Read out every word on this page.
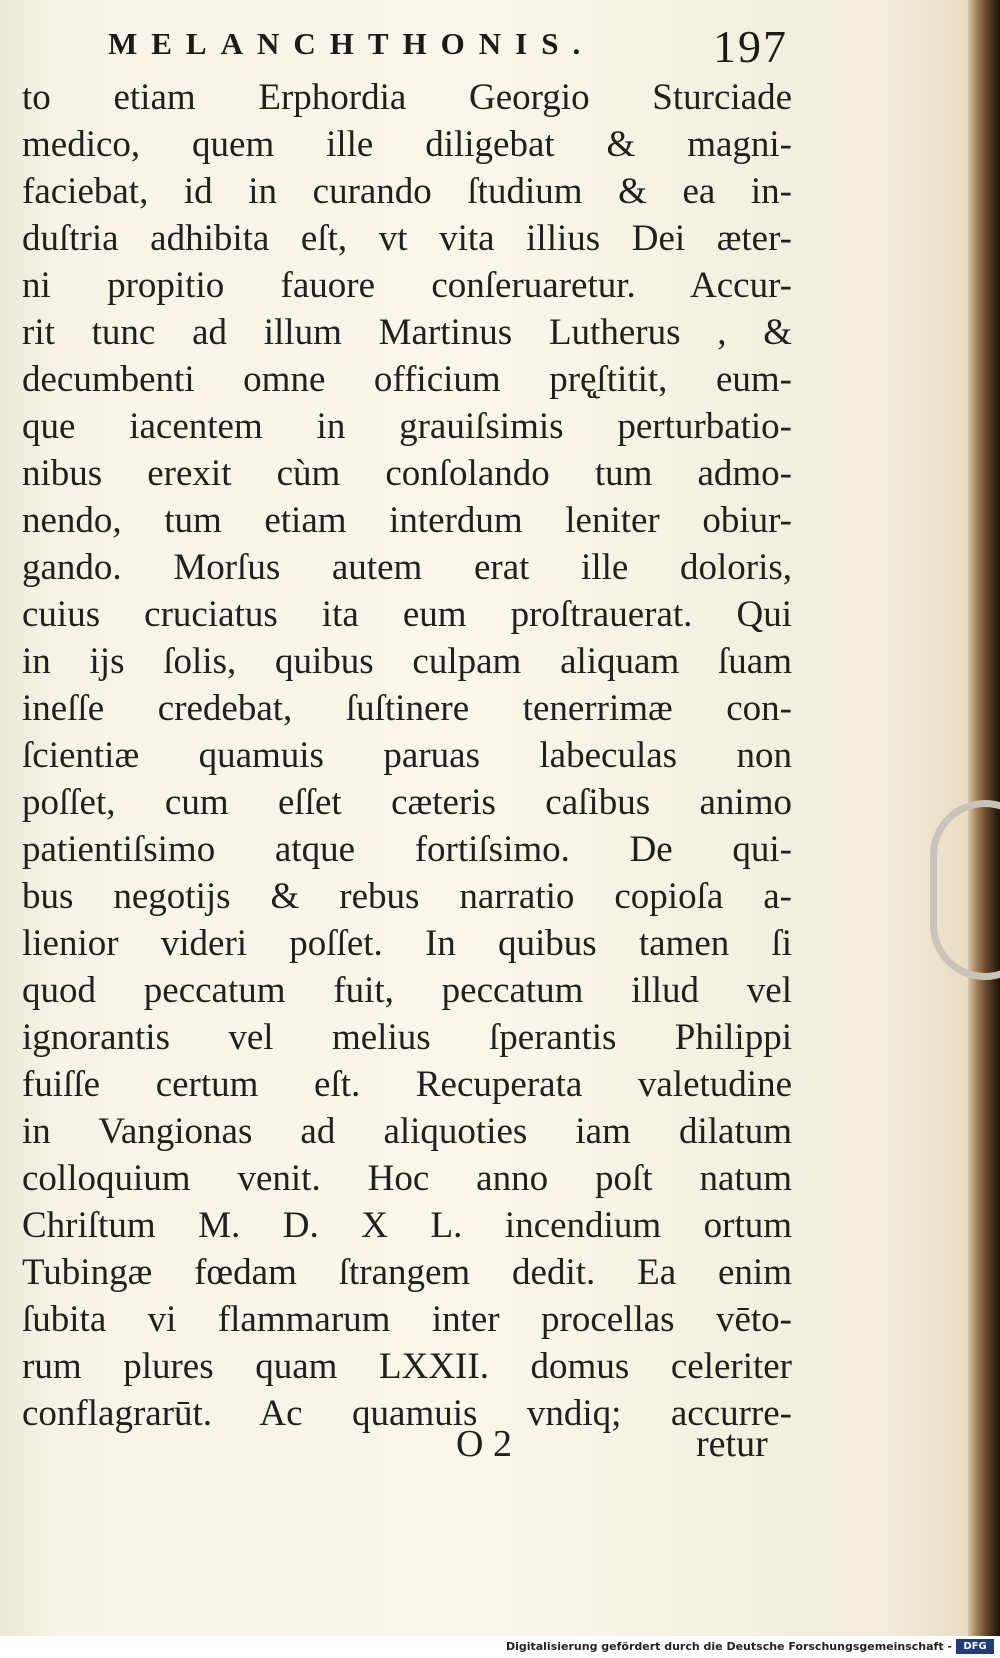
MELANCHTHONIS.	197
to etiam Erphordia Georgio Sturciade
medico, quem ille diligebat & magni-
faciebat, id in curando ſtudium & ea in-
duſtria adhibita eſt, vt vita illius Dei æter-
ni propitio fauore conſeruaretur. Accur-
rit tunc ad illum Martinus Lutherus , &
decumbenti omne officium prę̨ſtitit, eum-
que iacentem in grauiſsimis perturbatio-
nibus erexit cùm conſolando tum admo-
nendo, tum etiam interdum leniter obiur-
gando. Morſus autem erat ille doloris,
cuius cruciatus ita eum proſtrauerat. Qui
in ijs ſolis, quibus culpam aliquam ſuam
ineſſe credebat, ſuſtinere tenerrimæ con-
ſcientiæ quamuis paruas labeculas non
poſſet, cum eſſet cæteris caſibus animo
patientiſsimo atque fortiſsimo. De qui-
bus negotijs & rebus narratio copioſa a-
lienior videri poſſet. In quibus tamen ſi
quod peccatum fuit, peccatum illud vel
ignorantis vel melius ſperantis Philippi
fuiſſe certum eſt. Recuperata valetudine
in Vangionas ad aliquoties iam dilatum
colloquium venit. Hoc anno poſt natum
Chriſtum M. D. X L. incendium ortum
Tubingæ fœdam ſtrangem dedit. Ea enim
ſubita vi flammarum inter procellas vēto-
rum plures quam LXXII. domus celeriter
conflagrarūt. Ac quamuis vndiq; accurre-
O 2	retur
Digitalisierung gefördert durch die Deutsche Forschungsgemeinschaft -	DFG
